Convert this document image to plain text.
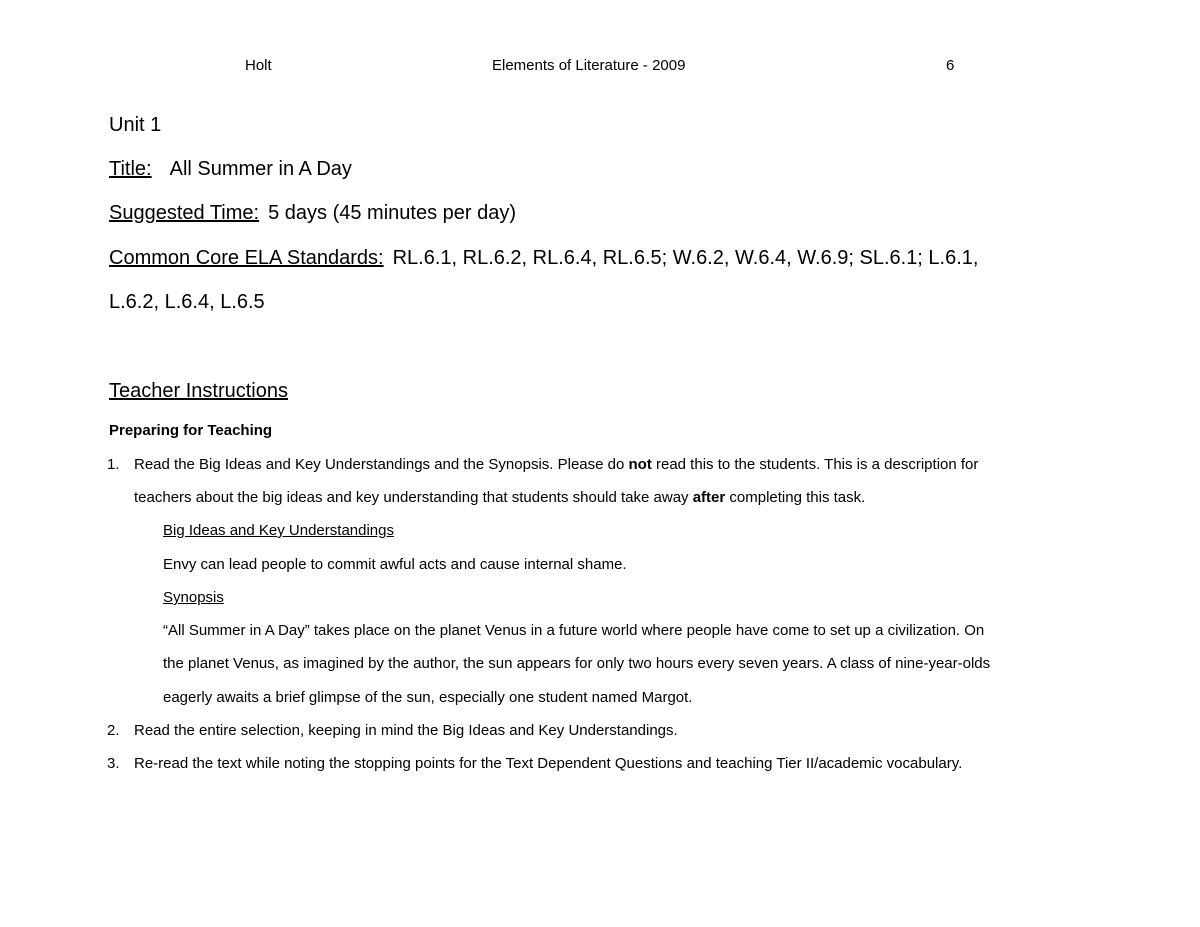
Holt	Elements of Literature - 2009	6
Unit 1
Title: All Summer in A Day
Suggested Time: 5 days (45 minutes per day)
Common Core ELA Standards: RL.6.1, RL.6.2, RL.6.4, RL.6.5; W.6.2, W.6.4, W.6.9; SL.6.1; L.6.1,
L.6.2, L.6.4, L.6.5
Teacher Instructions
Preparing for Teaching
1. Read the Big Ideas and Key Understandings and the Synopsis. Please do not read this to the students. This is a description for
teachers about the big ideas and key understanding that students should take away after completing this task.
Big Ideas and Key Understandings
Envy can lead people to commit awful acts and cause internal shame.
Synopsis
“All Summer in A Day” takes place on the planet Venus in a future world where people have come to set up a civilization. On
the planet Venus, as imagined by the author, the sun appears for only two hours every seven years. A class of nine-year-olds
eagerly awaits a brief glimpse of the sun, especially one student named Margot.
2. Read the entire selection, keeping in mind the Big Ideas and Key Understandings.
3. Re-read the text while noting the stopping points for the Text Dependent Questions and teaching Tier II/academic vocabulary.
